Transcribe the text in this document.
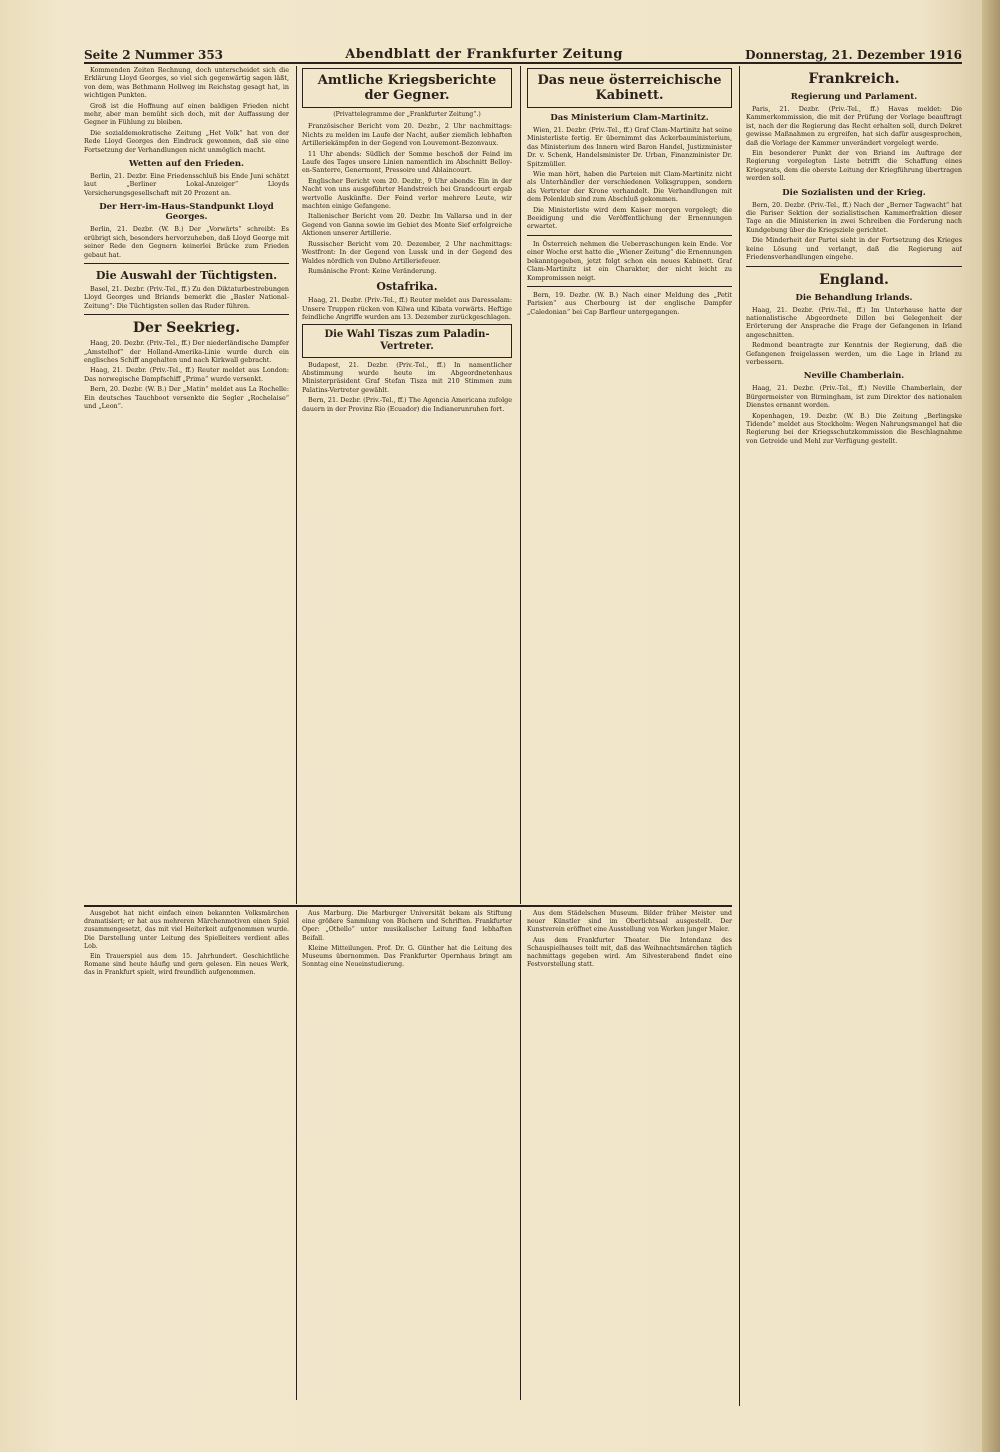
Seite 2 Nummer 353	Abendblatt der Frankfurter Zeitung	Donnerstag, 21. Dezember 1916

Kommenden Zeiten Rechnung, doch unterscheidet sich die Erklärung Lloyd Georges, so viel sich gegenwärtig sagen läßt, von dem, was Bethmann Hollweg im Reichstag gesagt hat, in wichtigen Punkten.

Groß ist die Hoffnung auf einen baldigen Frieden nicht mehr, aber man bemüht sich doch, mit der Auffassung der Gegner in Fühlung zu bleiben.

Die sozialdemokratische Zeitung „Het Volk“ hat von der Rede Lloyd Georges den Eindruck gewonnen, daß sie eine Fortsetzung der Verhandlungen nicht unmöglich macht.

Wetten auf den Frieden.

Berlin, 21. Dezbr. Eine Friedensschluß bis Ende Juni schätzt laut „Berliner Lokal-Anzeiger“ Lloyds Versicherungsgesellschaft mit 20 Prozent an.

Der Herr-im-Haus-Standpunkt Lloyd Georges.

Berlin, 21. Dezbr. (W. B.) Der „Vorwärts“ schreibt: Es erübrigt sich, besonders hervorzuheben, daß Lloyd George mit seiner Rede den Gegnern keinerlei Brücke zum Frieden gebaut hat.

Die Auswahl der Tüchtigsten.

Basel, 21. Dezbr. (Priv.-Tel., ff.) Zu den Diktaturbestrebungen Lloyd Georges und Briands bemerkt die „Basler National-Zeitung“: Die Tüchtigsten sollen das Ruder führen.

Der Seekrieg.

Haag, 20. Dezbr. (Priv.-Tel., ff.) Der niederländische Dampfer „Amstelhof“ der Holland-Amerika-Linie wurde durch ein englisches Schiff angehalten und nach Kirkwall gebracht.

Haag, 21. Dezbr. (Priv.-Tel., ff.) Reuter meldet aus London: Das norwegische Dampfschiff „Prima“ wurde versenkt.

Bern, 20. Dezbr. (W. B.) Der „Matin“ meldet aus La Rochelle: Ein deutsches Tauchboot versenkte die Segler „Rochelaise“ und „Leon“.

Amtliche Kriegsberichte der Gegner.
(Privattelegramme der „Frankfurter Zeitung“.)

Französischer Bericht vom 20. Dezbr., 2 Uhr nachmittags: Nichts zu melden im Laufe der Nacht, außer ziemlich lebhaften Artilleriekämpfen in der Gegend von Louvemont-Bezonvaux.

11 Uhr abends: Südlich der Somme beschoß der Feind im Laufe des Tages unsere Linien namentlich im Abschnitt Belloy-en-Santerre, Genermont, Pressoire und Ablaincourt.

Englischer Bericht vom 20. Dezbr., 9 Uhr abends: Ein in der Nacht von uns ausgeführter Handstreich bei Grandcourt ergab wertvolle Auskünfte. Der Feind verlor mehrere Leute, wir machten einige Gefangene.

Italienischer Bericht vom 20. Dezbr. Im Vallarsa und in der Gegend von Ganna sowie im Gebiet des Monte Sief erfolgreiche Aktionen unserer Artillerie.

Russischer Bericht vom 20. Dezember, 2 Uhr nachmittags: Westfront: In der Gegend von Lussk und in der Gegend des Waldes nördlich von Dubno Artilleriefeuer.

Rumänische Front: Keine Veränderung.

Ostafrika.

Haag, 21. Dezbr. (Priv.-Tel., ff.) Reuter meldet aus Daressalam: Unsere Truppen rücken von Kilwa und Kibata vorwärts. Heftige feindliche Angriffe wurden am 13. Dezember zurückgeschlagen.

Die Wahl Tiszas zum Paladin-Vertreter.

Budapest, 21. Dezbr. (Priv.-Tel., ff.) In namentlicher Abstimmung wurde heute im Abgeordnetenhaus Ministerpräsident Graf Stefan Tisza mit 210 Stimmen zum Palatins-Vertreter gewählt.

Bern, 21. Dezbr. (Priv.-Tel., ff.) The Agencia Americana zufolge dauern in der Provinz Rio (Ecuador) die Indianerunruhen fort.

Das neue österreichische Kabinett.
Das Ministerium Clam-Martinitz.

Wien, 21. Dezbr. (Priv.-Tel., ff.) Graf Clam-Martinitz hat seine Ministerliste fertig. Er übernimmt das Ackerbauministerium, das Ministerium des Innern wird Baron Handel, Justizminister Dr. v. Schenk, Handelsminister Dr. Urban, Finanzminister Dr. Spitzmüller.

Wie man hört, haben die Parteien mit Clam-Martinitz nicht als Unterhändler der verschiedenen Volksgruppen, sondern als Vertreter der Krone verhandelt. Die Verhandlungen mit dem Polenklub sind zum Abschluß gekommen.

Die Ministerliste wird dem Kaiser morgen vorgelegt; die Beeidigung und die Veröffentlichung der Ernennungen erwartet.

In Österreich nehmen die Ueberraschungen kein Ende. Vor einer Woche erst hatte die „Wiener Zeitung“ die Ernennungen bekanntgegeben, jetzt folgt schon ein neues Kabinett. Graf Clam-Martinitz ist ein Charakter, der nicht leicht zu Kompromissen neigt.

Bern, 19. Dezbr. (W. B.) Nach einer Meldung des „Petit Parisien“ aus Cherbourg ist der englische Dampfer „Caledonian“ bei Cap Barfleur untergegangen.

Frankreich.
Regierung und Parlament.

Paris, 21. Dezbr. (Priv.-Tel., ff.) Havas meldet: Die Kammerkommission, die mit der Prüfung der Vorlage beauftragt ist, nach der die Regierung das Recht erhalten soll, durch Dekret gewisse Maßnahmen zu ergreifen, hat sich dafür ausgesprochen, daß die Vorlage der Kammer unverändert vorgelegt werde.

Ein besonderer Punkt der von Briand im Auftrage der Regierung vorgelegten Liste betrifft die Schaffung eines Kriegsrats, dem die oberste Leitung der Kriegführung übertragen werden soll.

Die Sozialisten und der Krieg.

Bern, 20. Dezbr. (Priv.-Tel., ff.) Nach der „Berner Tagwacht“ hat die Pariser Sektion der sozialistischen Kammerfraktion dieser Tage an die Ministerien in zwei Schreiben die Forderung nach Kundgebung über die Kriegsziele gerichtet.

Die Minderheit der Partei sieht in der Fortsetzung des Krieges keine Lösung und verlangt, daß die Regierung auf Friedensverhandlungen eingehe.

England.
Die Behandlung Irlands.

Haag, 21. Dezbr. (Priv.-Tel., ff.) Im Unterhause hatte der nationalistische Abgeordnete Dillon bei Gelegenheit der Erörterung der Ansprache die Frage der Gefangenen in Irland angeschnitten.

Redmond beantragte zur Kenntnis der Regierung, daß die Gefangenen freigelassen werden, um die Lage in Irland zu verbessern.

Neville Chamberlain.

Haag, 21. Dezbr. (Priv.-Tel., ff.) Neville Chamberlain, der Bürgermeister von Birmingham, ist zum Direktor des nationalen Dienstes ernannt worden.

Kopenhagen, 19. Dezbr. (W. B.) Die Zeitung „Berlingske Tidende“ meldet aus Stockholm: Wegen Nahrungsmangel hat die Regierung bei der Kriegsschutzkommission die Beschlagnahme von Getreide und Mehl zur Verfügung gestellt.

Ausgebot hat nicht einfach einen bekannten Volksmärchen dramatisiert; er hat aus mehreren Märchenmotiven einen Spiel zusammengesetzt, das mit viel Heiterkeit aufgenommen wurde. Die Darstellung unter Leitung des Spielleiters verdient alles Lob.

Ein Trauerspiel aus dem 15. Jahrhundert. Geschichtliche Romane sind heute häufig und gern gelesen. Ein neues Werk, das in Frankfurt spielt, wird freundlich aufgenommen.

Aus Marburg. Die Marburger Universität bekam als Stiftung eine größere Sammlung von Büchern und Schriften. Frankfurter Oper: „Othello“ unter musikalischer Leitung fand lebhaften Beifall.

Kleine Mitteilungen. Prof. Dr. G. Günther hat die Leitung des Museums übernommen. Das Frankfurter Opernhaus bringt am Sonntag eine Neueinstudierung.

Aus dem Städelschen Museum. Bilder früher Meister und neuer Künstler sind im Oberlichtsaal ausgestellt. Der Kunstverein eröffnet eine Ausstellung von Werken junger Maler.

Aus dem Frankfurter Theater. Die Intendanz des Schauspielhauses teilt mit, daß das Weihnachtsmärchen täglich nachmittags gegeben wird. Am Silvesterabend findet eine Festvorstellung statt.
